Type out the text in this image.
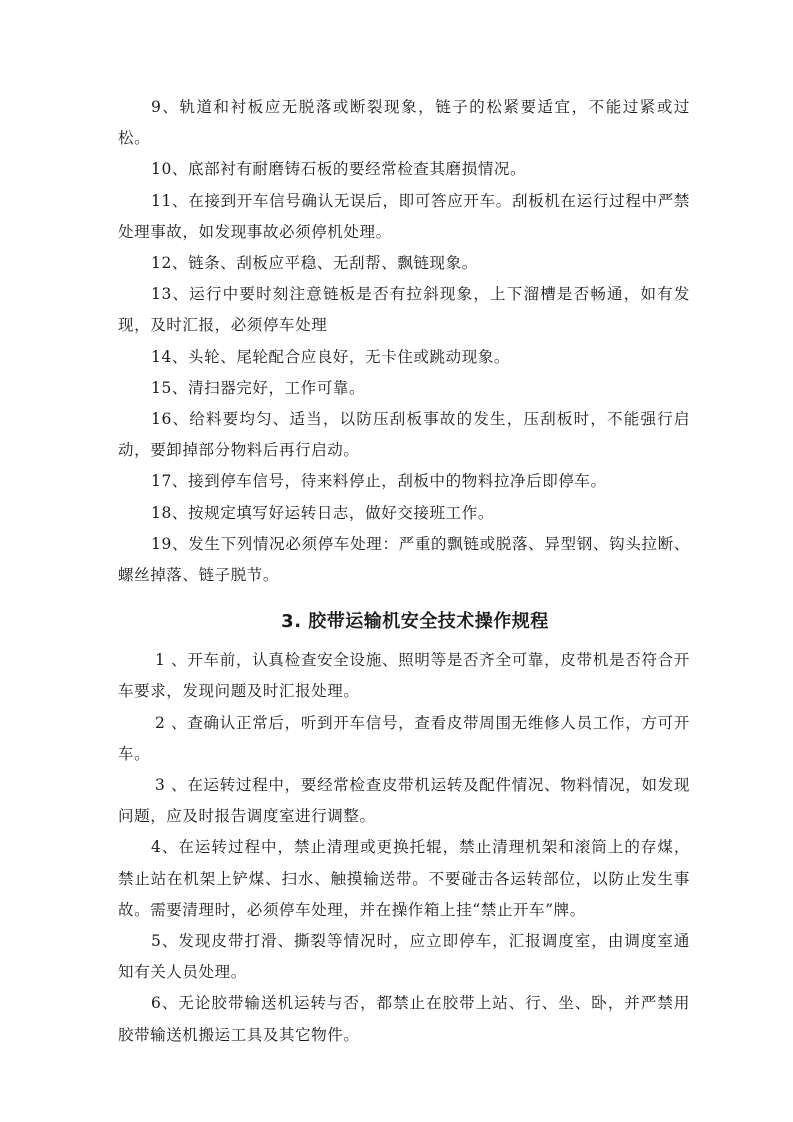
9、轨道和衬板应无脱落或断裂现象，链子的松紧要适宜，不能过紧或过松。

10、底部衬有耐磨铸石板的要经常检查其磨损情况。

11、在接到开车信号确认无误后，即可答应开车。刮板机在运行过程中严禁处理事故，如发现事故必须停机处理。

12、链条、刮板应平稳、无刮帮、飘链现象。

13、运行中要时刻注意链板是否有拉斜现象，上下溜槽是否畅通，如有发现，及时汇报，必须停车处理

14、头轮、尾轮配合应良好，无卡住或跳动现象。

15、清扫器完好，工作可靠。

16、给料要均匀、适当，以防压刮板事故的发生，压刮板时，不能强行启动，要卸掉部分物料后再行启动。

17、接到停车信号，待来料停止，刮板中的物料拉净后即停车。

18、按规定填写好运转日志，做好交接班工作。

19、发生下列情况必须停车处理：严重的飘链或脱落、异型钢、钩头拉断、螺丝掉落、链子脱节。

3. 胶带运输机安全技术操作规程

1 、开车前，认真检查安全设施、照明等是否齐全可靠，皮带机是否符合开车要求，发现问题及时汇报处理。

2 、查确认正常后，听到开车信号，查看皮带周围无维修人员工作，方可开车。

3 、在运转过程中，要经常检查皮带机运转及配件情况、物料情况，如发现问题，应及时报告调度室进行调整。

4、在运转过程中，禁止清理或更换托辊，禁止清理机架和滚筒上的存煤，禁止站在机架上铲煤、扫水、触摸输送带。不要碰击各运转部位，以防止发生事故。需要清理时，必须停车处理，并在操作箱上挂“禁止开车”牌。

5、发现皮带打滑、撕裂等情况时，应立即停车，汇报调度室，由调度室通知有关人员处理。

6、无论胶带输送机运转与否，都禁止在胶带上站、行、坐、卧，并严禁用胶带输送机搬运工具及其它物件。
